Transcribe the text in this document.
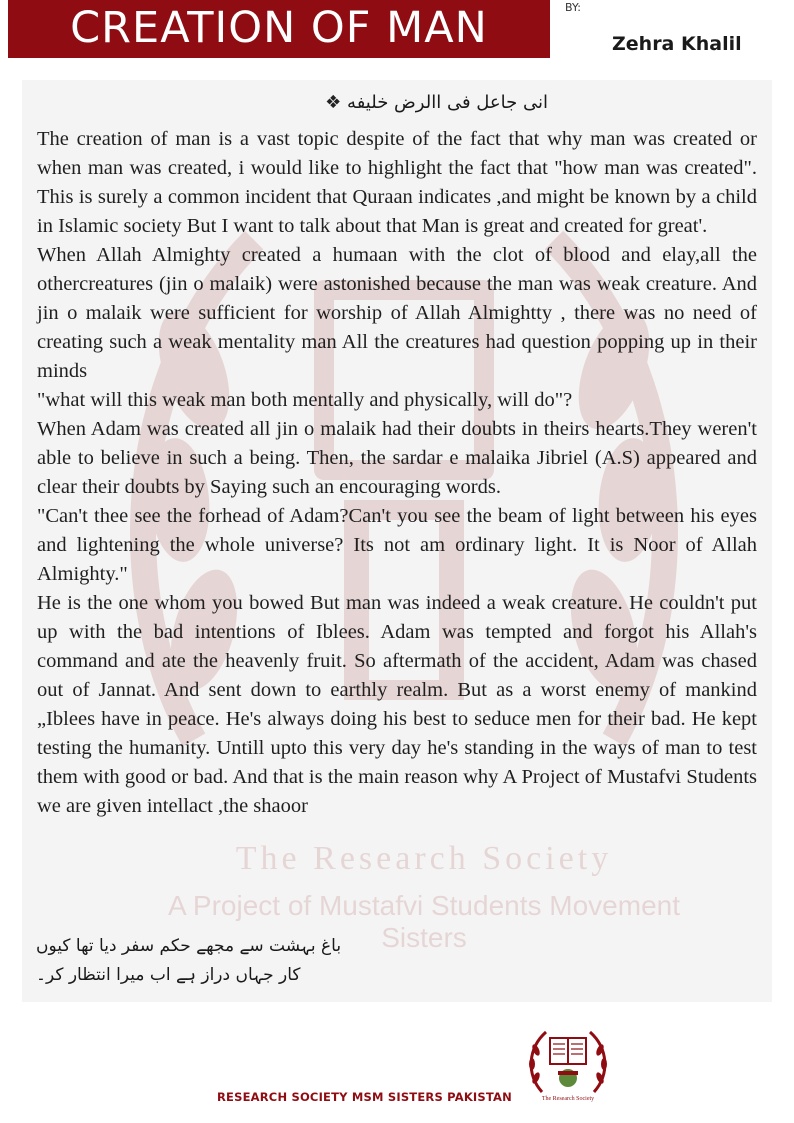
CREATION OF MAN	BY:
Zehra Khalil
The Research Society
A Project of Mustafvi Students Movement Sisters
انی جاعل فی االرض خلیفه ❖

The creation of man is a vast topic despite of the fact that why man was created or when man was created, i would like to highlight the fact that "how man was created". This is surely a common incident that Quraan indicates ,and might be known by a child in Islamic society But I want to talk about that Man is great and created for great'.

When Allah Almighty created a humaan with the clot of blood and elay,all the othercreatures (jin o malaik) were astonished because the man was weak creature. And jin o malaik were sufficient for worship of Allah Almightty , there was no need of creating such a weak mentality man All the creatures had question popping up in their minds

"what will this weak man both mentally and physically, will do"?

When Adam was created all jin o malaik had their doubts in theirs hearts.They weren't able to believe in such a being. Then, the sardar e malaika Jibriel (A.S) appeared and clear their doubts by Saying such an encouraging words.

"Can't thee see the forhead of Adam?Can't you see the beam of light between his eyes and lightening the whole universe? Its not am ordinary light. It is Noor of Allah Almighty."

He is the one whom you bowed But man was indeed a weak creature. He couldn't put up with the bad intentions of Iblees. Adam was tempted and forgot his Allah's command and ate the heavenly fruit. So aftermath of the accident, Adam was chased out of Jannat. And sent down to earthly realm. But as a worst enemy of mankind „Iblees have in peace. He's always doing his best to seduce men for their bad. He kept testing the humanity. Untill upto this very day he's standing in the ways of man to test them with good or bad. And that is the main reason why A Project of Mustafvi Students we are given intellact ,the shaoor

باغ بہشت سے مجھے حکم سفر دیا تھا کیوں
کار جہاں دراز ہے اب میرا انتظار کر۔
RESEARCH SOCIETY MSM SISTERS PAKISTAN	The Research Society
